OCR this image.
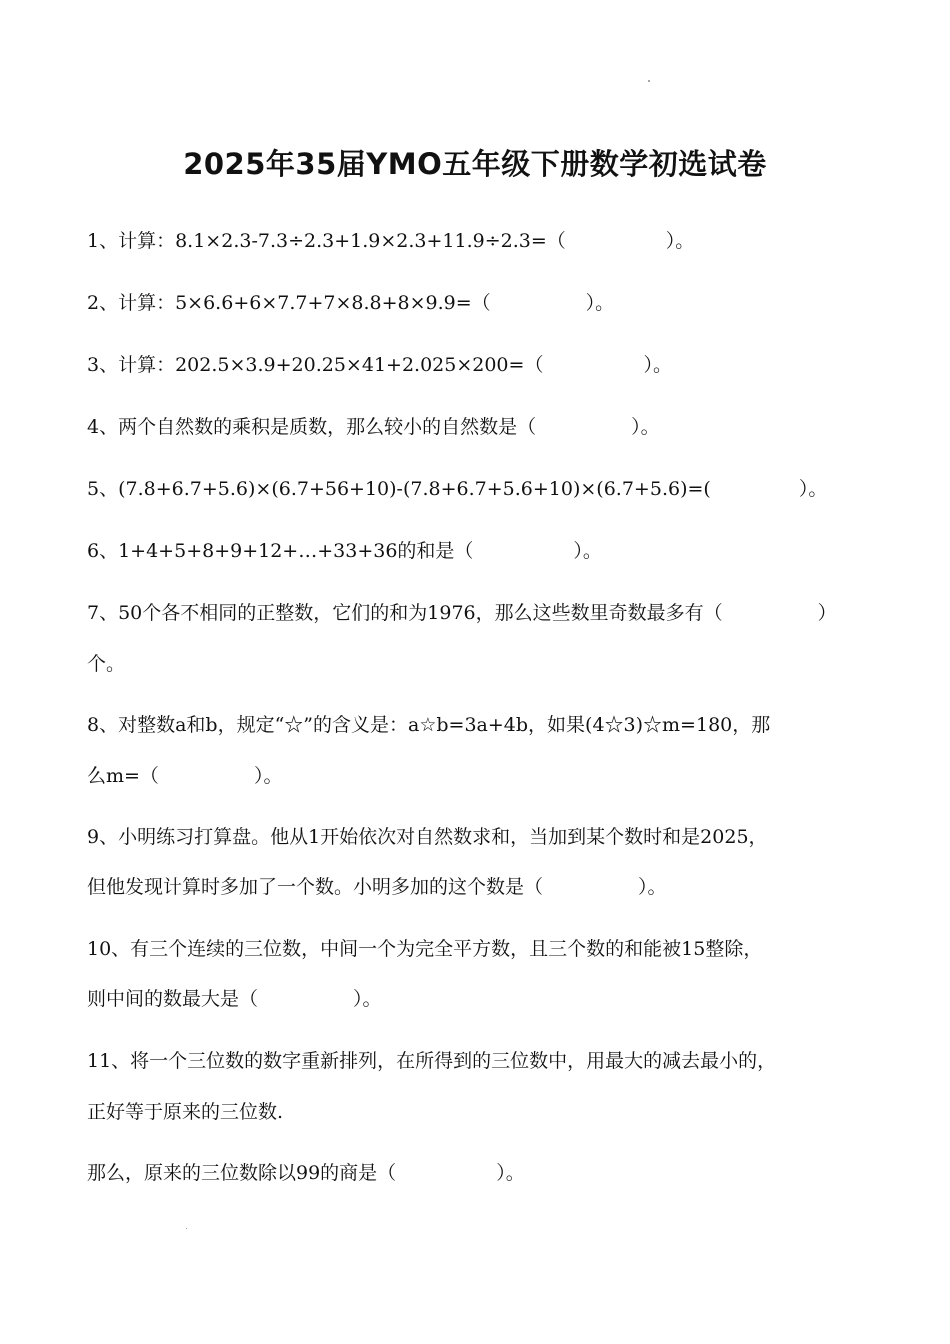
2025年35届YMO五年级下册数学初选试卷
1、计算：8.1×2.3-7.3÷2.3+1.9×2.3+11.9÷2.3=（	）。
2、计算：5×6.6+6×7.7+7×8.8+8×9.9=（	）。
3、计算：202.5×3.9+20.25×41+2.025×200=（	）。
4、两个自然数的乘积是质数，那么较小的自然数是（	）。
5、(7.8+6.7+5.6)×(6.7+56+10)-(7.8+6.7+5.6+10)×(6.7+5.6)=(	）。
6、1+4+5+8+9+12+…+33+36的和是（	）。
7、50个各不相同的正整数，它们的和为1976，那么这些数里奇数最多有（	）
个。
8、对整数a和b，规定“☆”的含义是：a☆b=3a+4b，如果(4☆3)☆m=180，那
么m=（	）。
9、小明练习打算盘。他从1开始依次对自然数求和，当加到某个数时和是2025，
但他发现计算时多加了一个数。小明多加的这个数是（	）。
10、有三个连续的三位数，中间一个为完全平方数，且三个数的和能被15整除，
则中间的数最大是（	）。
11、将一个三位数的数字重新排列，在所得到的三位数中，用最大的减去最小的，
正好等于原来的三位数.
那么，原来的三位数除以99的商是（	）。
